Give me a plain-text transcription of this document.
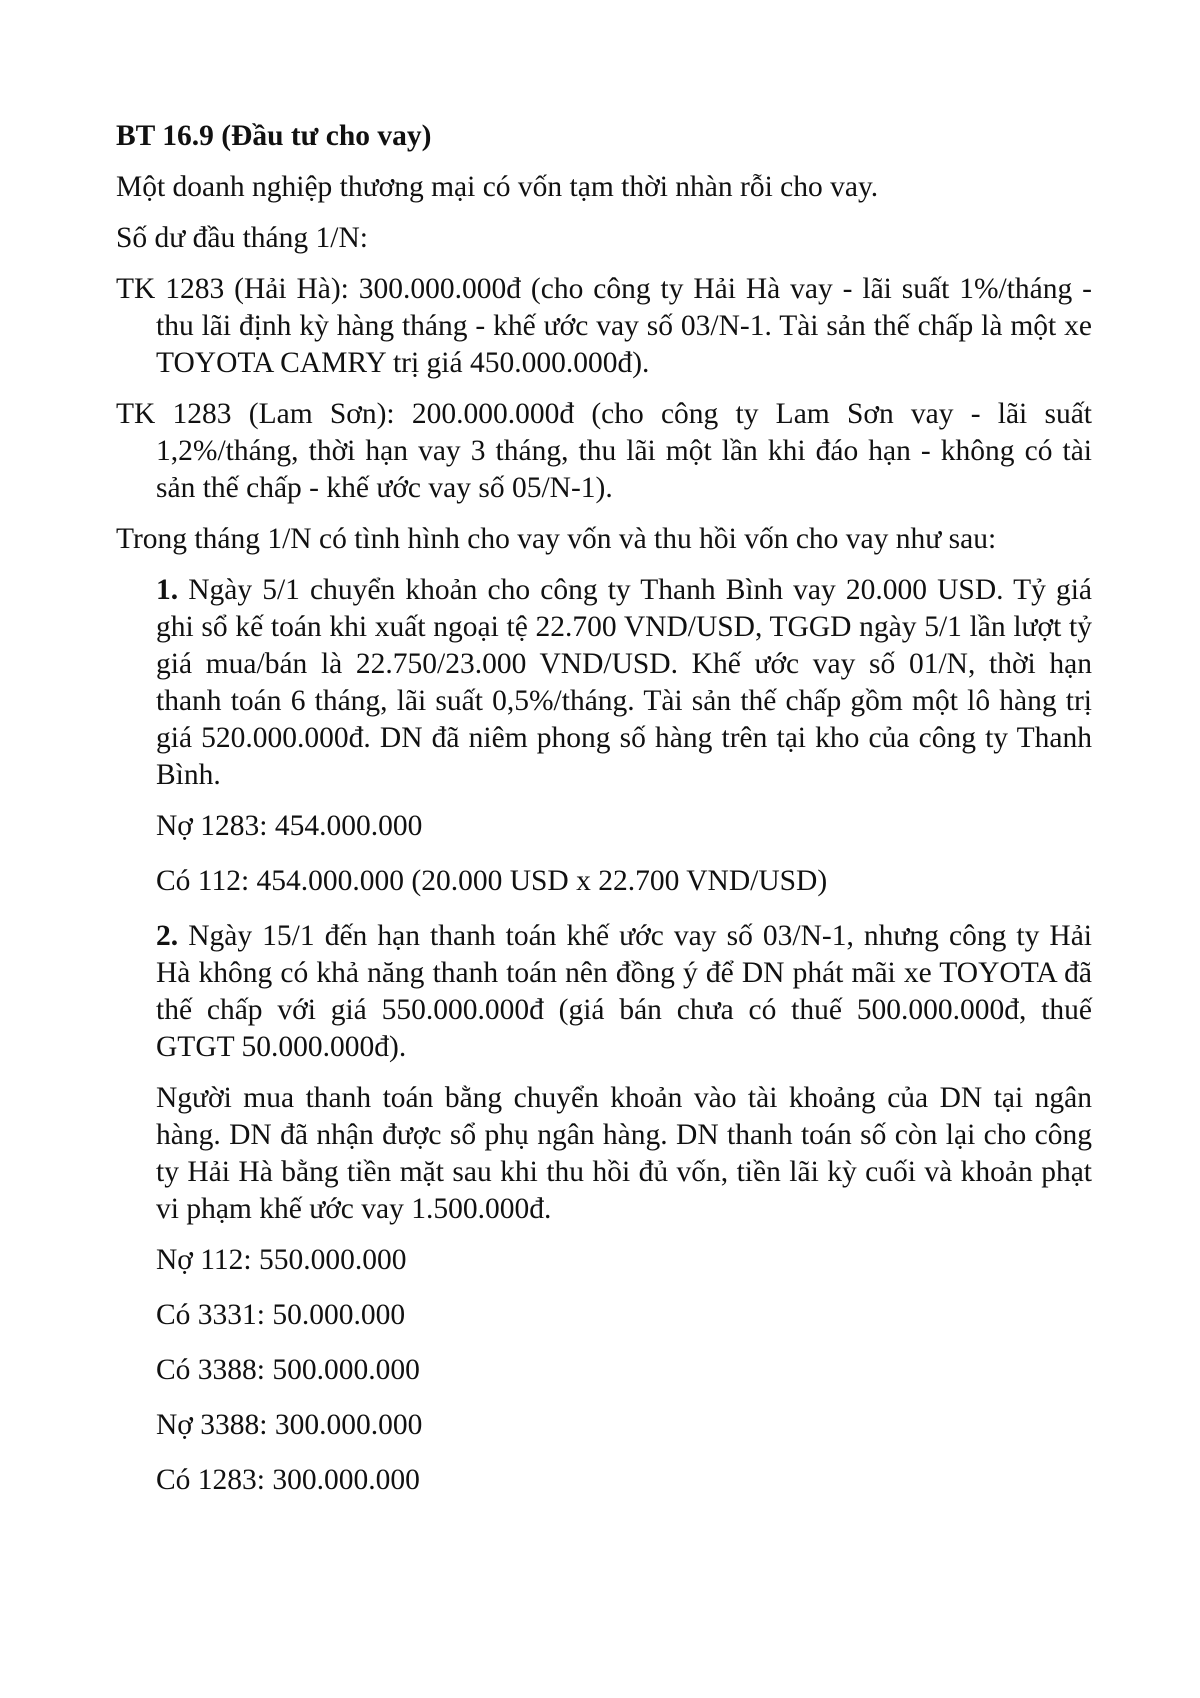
BT 16.9 (Đầu tư cho vay)
Một doanh nghiệp thương mại có vốn tạm thời nhàn rỗi cho vay.
Số dư đầu tháng 1/N:
TK 1283 (Hải Hà): 300.000.000đ (cho công ty Hải Hà vay - lãi suất 1%/tháng - thu lãi định kỳ hàng tháng - khế ước vay số 03/N-1. Tài sản thế chấp là một xe TOYOTA CAMRY trị giá 450.000.000đ).
TK 1283 (Lam Sơn): 200.000.000đ (cho công ty Lam Sơn vay - lãi suất 1,2%/tháng, thời hạn vay 3 tháng, thu lãi một lần khi đáo hạn - không có tài sản thế chấp - khế ước vay số 05/N-1).
Trong tháng 1/N có tình hình cho vay vốn và thu hồi vốn cho vay như sau:
1. Ngày 5/1 chuyển khoản cho công ty Thanh Bình vay 20.000 USD. Tỷ giá ghi sổ kế toán khi xuất ngoại tệ 22.700 VND/USD, TGGD ngày 5/1 lần lượt tỷ giá mua/bán là 22.750/23.000 VND/USD. Khế ước vay số 01/N, thời hạn thanh toán 6 tháng, lãi suất 0,5%/tháng. Tài sản thế chấp gồm một lô hàng trị giá 520.000.000đ. DN đã niêm phong số hàng trên tại kho của công ty Thanh Bình.
Nợ 1283: 454.000.000
Có 112: 454.000.000 (20.000 USD x 22.700 VND/USD)
2. Ngày 15/1 đến hạn thanh toán khế ước vay số 03/N-1, nhưng công ty Hải Hà không có khả năng thanh toán nên đồng ý để DN phát mãi xe TOYOTA đã thế chấp với giá 550.000.000đ (giá bán chưa có thuế 500.000.000đ, thuế GTGT 50.000.000đ).
Người mua thanh toán bằng chuyển khoản vào tài khoảng của DN tại ngân hàng. DN đã nhận được sổ phụ ngân hàng. DN thanh toán số còn lại cho công ty Hải Hà bằng tiền mặt sau khi thu hồi đủ vốn, tiền lãi kỳ cuối và khoản phạt vi phạm khế ước vay 1.500.000đ.
Nợ 112: 550.000.000
Có 3331: 50.000.000
Có 3388: 500.000.000
Nợ 3388: 300.000.000
Có 1283: 300.000.000
